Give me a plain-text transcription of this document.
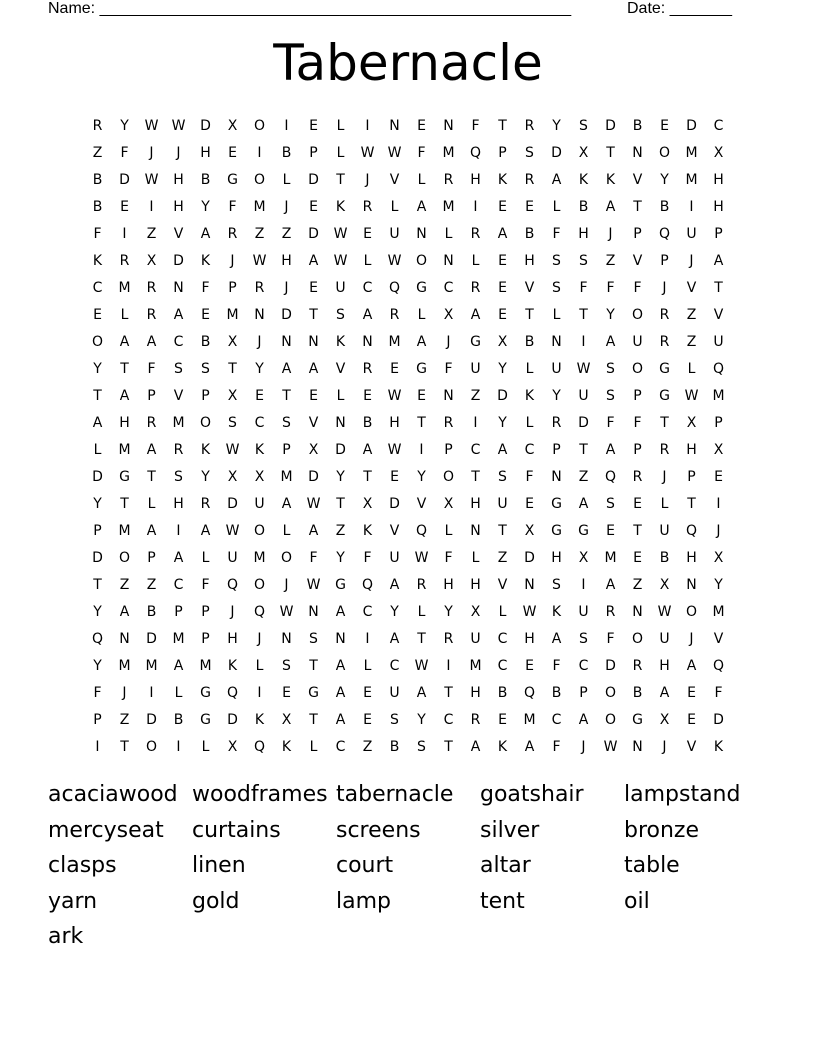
Name: _____________________________________________________

	Date: _______

Tabernacle
R	Y	W W	D	X	O	I	E	L	I	N	E	N	F	T	R	Y	S	D	B	E	D	C
Z	F	J	J	H	E	I	B	P	L	W W	F	M	Q	P	S	D	X	T	N	O	M	X
B	D	W	H	B	G	O	L	D	T	J	V	L	R	H	K	R	A	K	K	V	Y	M	H
B	E	I	H	Y	F	M	J	E	K	R	L	A	M	I	E	E	L	B	A	T	B	I	H
F	I	Z	V	A	R	Z	Z	D	W	E	U	N	L	R	A	B	F	H	J	P	Q	U	P
K	R	X	D	K	J	W	H	A	W	L	W	O	N	L	E	H	S	S	Z	V	P	J	A
C	M	R	N	F	P	R	J	E	U	C	Q	G	C	R	E	V	S	F	F	F	J	V	T
E	L	R	A	E	M	N	D	T	S	A	R	L	X	A	E	T	L	T	Y	O	R	Z	V
O	A	A	C	B	X	J	N	N	K	N	M	A	J	G	X	B	N	I	A	U	R	Z	U
Y	T	F	S	S	T	Y	A	A	V	R	E	G	F	U	Y	L	U	W	S	O	G	L	Q
T	A	P	V	P	X	E	T	E	L	E	W	E	N	Z	D	K	Y	U	S	P	G	W	M
A	H	R	M	O	S	C	S	V	N	B	H	T	R	I	Y	L	R	D	F	F	T	X	P
L	M	A	R	K	W	K	P	X	D	A	W	I	P	C	A	C	P	T	A	P	R	H	X
D	G	T	S	Y	X	X	M	D	Y	T	E	Y	O	T	S	F	N	Z	Q	R	J	P	E
Y	T	L	H	R	D	U	A	W	T	X	D	V	X	H	U	E	G	A	S	E	L	T	I
P	M	A	I	A	W	O	L	A	Z	K	V	Q	L	N	T	X	G	G	E	T	U	Q	J
D	O	P	A	L	U	M	O	F	Y	F	U	W	F	L	Z	D	H	X	M	E	B	H	X
T	Z	Z	C	F	Q	O	J	W	G	Q	A	R	H	H	V	N	S	I	A	Z	X	N	Y
Y	A	B	P	P	J	Q	W	N	A	C	Y	L	Y	X	L	W	K	U	R	N	W	O	M
Q	N	D	M	P	H	J	N	S	N	I	A	T	R	U	C	H	A	S	F	O	U	J	V
Y	M	M	A	M	K	L	S	T	A	L	C	W	I	M	C	E	F	C	D	R	H	A	Q
F	J	I	L	G	Q	I	E	G	A	E	U	A	T	H	B	Q	B	P	O	B	A	E	F
P	Z	D	B	G	D	K	X	T	A	E	S	Y	C	R	E	M	C	A	O	G	X	E	D
I	T	O	I	L	X	Q	K	L	C	Z	B	S	T	A	K	A	F	J	W	N	J	V	K
acaciawood woodframes tabernacle goatshair lampstand
mercyseat curtains	screens	silver	bronze
clasps	linen	court	altar	table
yarn	gold	lamp	tent	oil
ark
